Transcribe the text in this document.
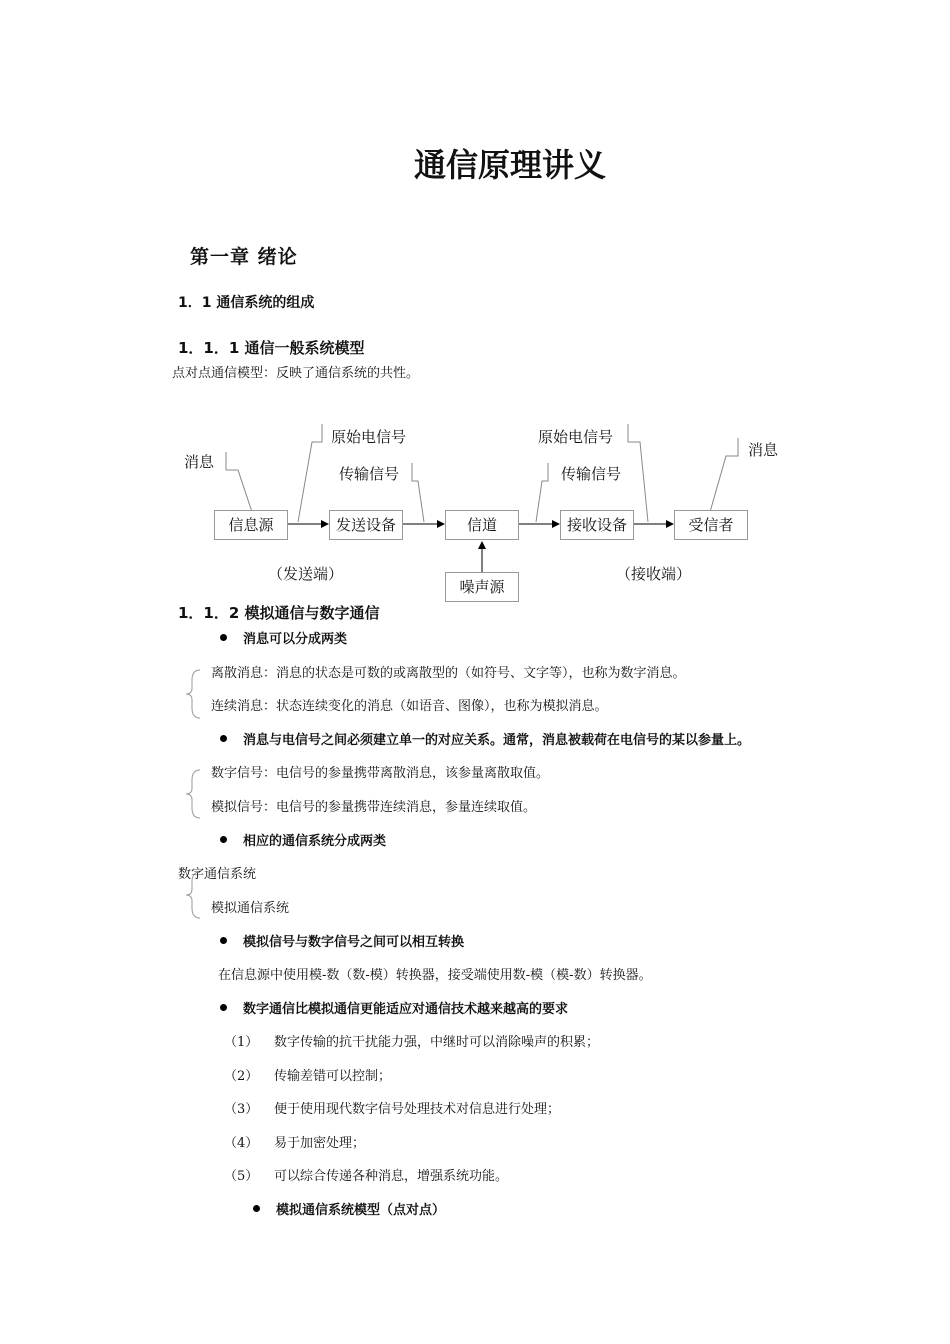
通信原理讲义
第一章 绪论
1．1 通信系统的组成
1．1．1 通信一般系统模型
点对点通信模型：反映了通信系统的共性。
信息源	发送设备	信道	接收设备	受信者
噪声源
消息
原始电信号
传输信号
原始电信号
传输信号
消息
（发送端）	（接收端）
1．1．2 模拟通信与数字通信
消息可以分成两类
离散消息：消息的状态是可数的或离散型的（如符号、文字等），也称为数字消息。
连续消息：状态连续变化的消息（如语音、图像），也称为模拟消息。
消息与电信号之间必须建立单一的对应关系。通常，消息被载荷在电信号的某以参量上。
数字信号：电信号的参量携带离散消息，该参量离散取值。
模拟信号：电信号的参量携带连续消息，参量连续取值。
相应的通信系统分成两类
数字通信系统
模拟通信系统
模拟信号与数字信号之间可以相互转换
在信息源中使用模-数（数-模）转换器，接受端使用数-模（模-数）转换器。
数字通信比模拟通信更能适应对通信技术越来越高的要求
（1） 数字传输的抗干扰能力强，中继时可以消除噪声的积累；
（2） 传输差错可以控制；
（3） 便于使用现代数字信号处理技术对信息进行处理；
（4） 易于加密处理；
（5） 可以综合传递各种消息，增强系统功能。
模拟通信系统模型（点对点）
